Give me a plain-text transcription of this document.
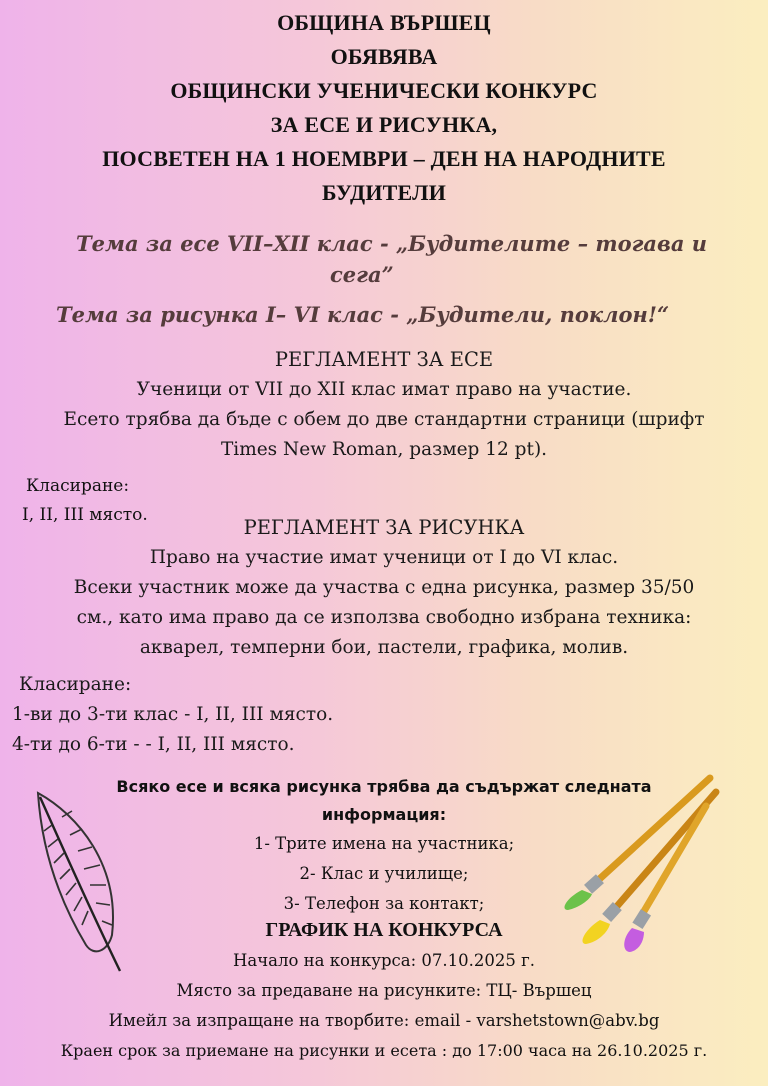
ОБЩИНА ВЪРШЕЦ
ОБЯВЯВА
ОБЩИНСКИ УЧЕНИЧЕСКИ КОНКУРС
ЗА ЕСЕ И РИСУНКА,
ПОСВЕТЕН НА 1 НОЕМВРИ – ДЕН НА НАРОДНИТЕ
БУДИТЕЛИ
Тема за есе VII–XII клас - „Будителите – тогава и
сега”
Тема за рисунка I– VI клас - „Будители, поклон!“
РЕГЛАМЕНТ ЗА ЕСЕ
Ученици от VII до XII клас имат право на участие.
Есето трябва да бъде с обем до две стандартни страници (шрифт
Times New Roman, размер 12 pt).
Класиране:
I, II, III място.
РЕГЛАМЕНТ ЗА РИСУНКА
Право на участие имат ученици от I до VI клас.
Всеки участник може да участва с една рисунка, размер 35/50
см., като има право да се използва свободно избрана техника:
акварел, темперни бои, пастели, графика, молив.
Класиране:
1-ви до 3-ти клас - I, II, III място.
4-ти до 6-ти - - I, II, III място.
Всяко есе и всяка рисунка трябва да съдържат следната
информация:
1- Трите имена на участника;
2- Клас и училище;
3- Телефон за контакт;
ГРАФИК НА КОНКУРСА
Начало на конкурса: 07.10.2025 г.
Място за предаване на рисунките: ТЦ- Вършец
Имейл за изпращане на творбите: email - varshetstown@abv.bg
Краен срок за приемане на рисунки и есета : до 17:00 часа на 26.10.2025 г.
